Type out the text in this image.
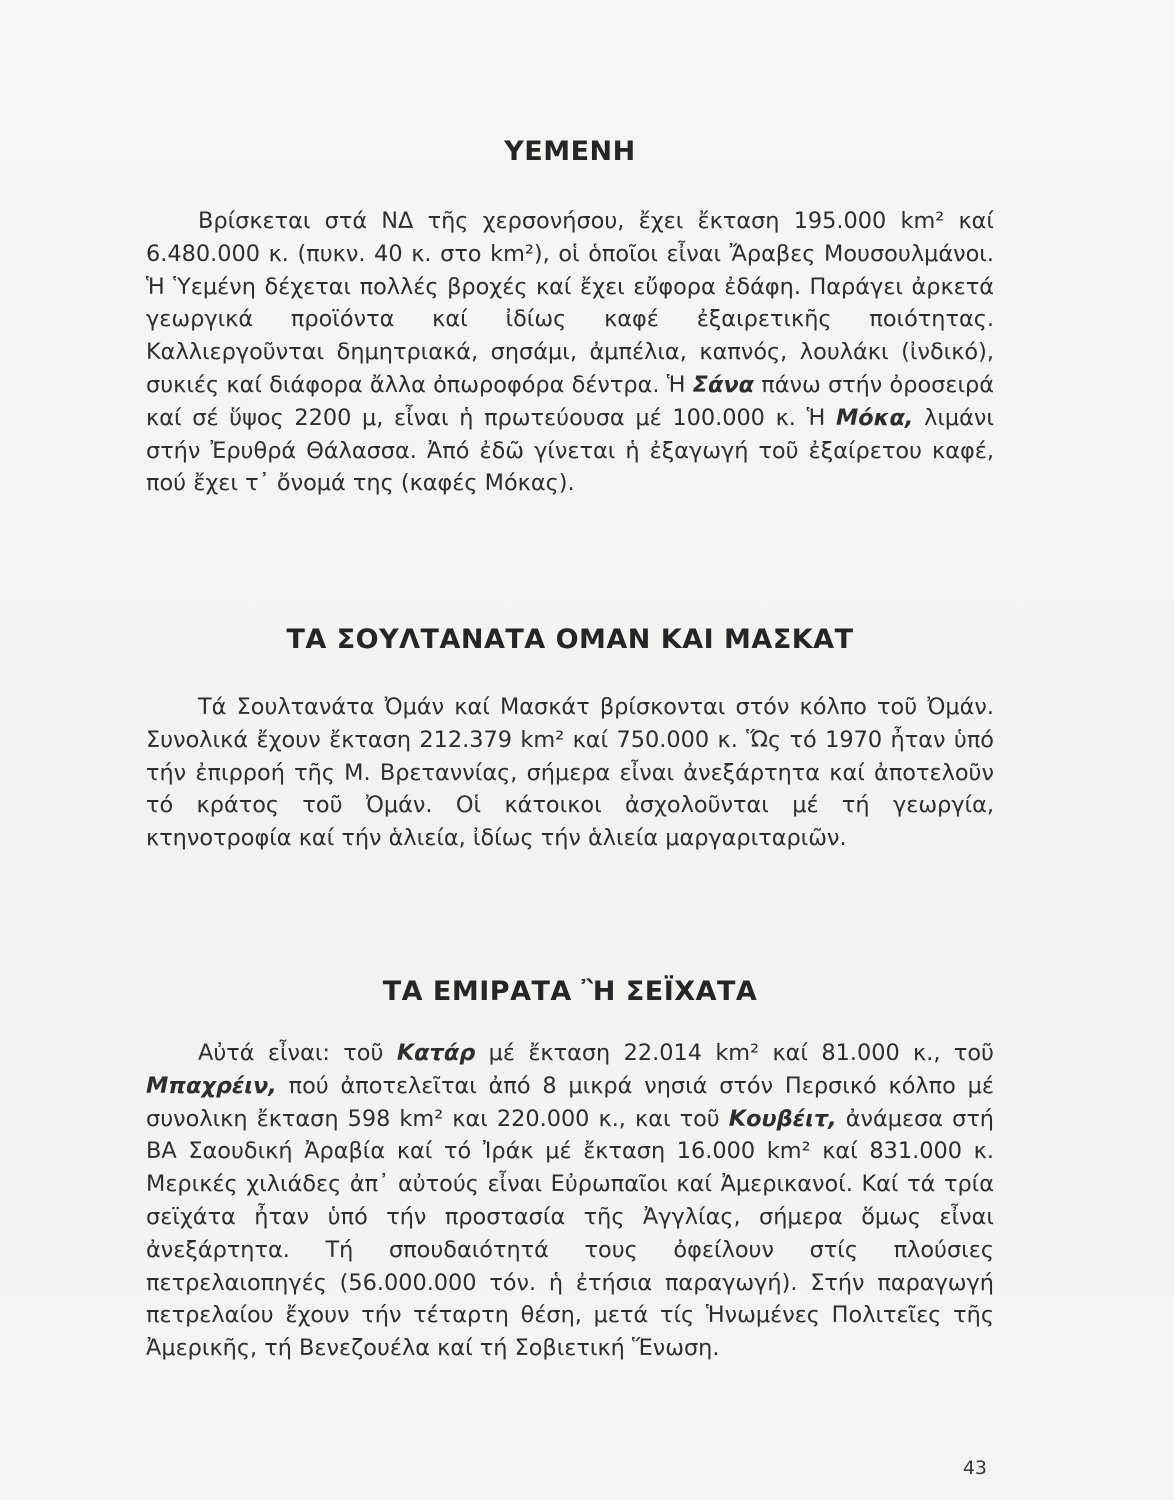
YEMENH

Βρίσκεται στά ΝΔ τῆς χερσονήσου, ἔχει ἔκταση 195.000 km² καί 6.480.000 κ. (πυκν. 40 κ. στο km²), οἱ ὁποῖοι εἶναι Ἄραβες Μουσουλμάνοι. Ἡ Ὑεμένη δέχεται πολλές βροχές καί ἔχει εὔφορα ἐδάφη. Παράγει ἀρκετά γεωργικά προϊόντα καί ἰδίως καφέ ἐξαιρετικῆς ποιότητας. Καλλιεργοῦνται δημητριακά, σησάμι, ἀμπέλια, καπνός, λουλάκι (ἰνδικό), συκιές καί διάφορα ἄλλα ὀπωροφόρα δέντρα. Ἡ Σάνα πάνω στήν ὀροσειρά καί σέ ὕψος 2200 μ, εἶναι ἡ πρωτεύουσα μέ 100.000 κ. Ἡ Μόκα, λιμάνι στήν Ἐρυθρά Θάλασσα. Ἀπό ἐδῶ γίνεται ἡ ἐξαγωγή τοῦ ἐξαίρετου καφέ, πού ἔχει τ᾿ ὄνομά της (καφές Μόκας).

ΤΑ ΣΟΥΛΤΑΝΑΤΑ ΟΜΑΝ ΚΑΙ ΜΑΣΚΑΤ

Τά Σουλτανάτα Ὀμάν καί Μασκάτ βρίσκονται στόν κόλπο τοῦ Ὀμάν. Συνολικά ἔχουν ἔκταση 212.379 km² καί 750.000 κ. Ὥς τό 1970 ἦταν ὑπό τήν ἐπιρροή τῆς Μ. Βρεταννίας, σήμερα εἶναι ἀνεξάρτητα καί ἀποτελοῦν τό κράτος τοῦ Ὀμάν. Οἱ κάτοικοι ἀσχολοῦνται μέ τή γεωργία, κτηνοτροφία καί τήν ἁλιεία, ἰδίως τήν ἁλιεία μαργαριταριῶν.

ΤΑ ΕΜΙΡΑΤΑ Ἢ ΣΕΪΧΑΤΑ

Αὐτά εἶναι: τοῦ Κατάρ μέ ἔκταση 22.014 km² καί 81.000 κ., τοῦ Μπαχρέιν, πού ἀποτελεῖται ἀπό 8 μικρά νησιά στόν Περσικό κόλπο μέ συνολικη ἔκταση 598 km² και 220.000 κ., και τοῦ Κουβέιτ, ἀνάμεσα στή ΒΑ Σαουδική Ἀραβία καί τό Ἰράκ μέ ἔκταση 16.000 km² καί 831.000 κ. Μερικές χιλιάδες ἀπ᾿ αὐτούς εἶναι Εὐρωπαῖοι καί Ἀμερικανοί. Καί τά τρία σεϊχάτα ἦταν ὑπό τήν προστασία τῆς Ἀγγλίας, σήμερα ὅμως εἶναι ἀνεξάρτητα. Τή σπουδαιότητά τους ὀφείλουν στίς πλούσιες πετρελαιοπηγές (56.000.000 τόν. ἡ ἐτήσια παραγωγή). Στήν παραγωγή πετρελαίου ἔχουν τήν τέταρτη θέση, μετά τίς Ἡνωμένες Πολιτεῖες τῆς Ἀμερικῆς, τή Βενεζουέλα καί τή Σοβιετική Ἕνωση.

43
